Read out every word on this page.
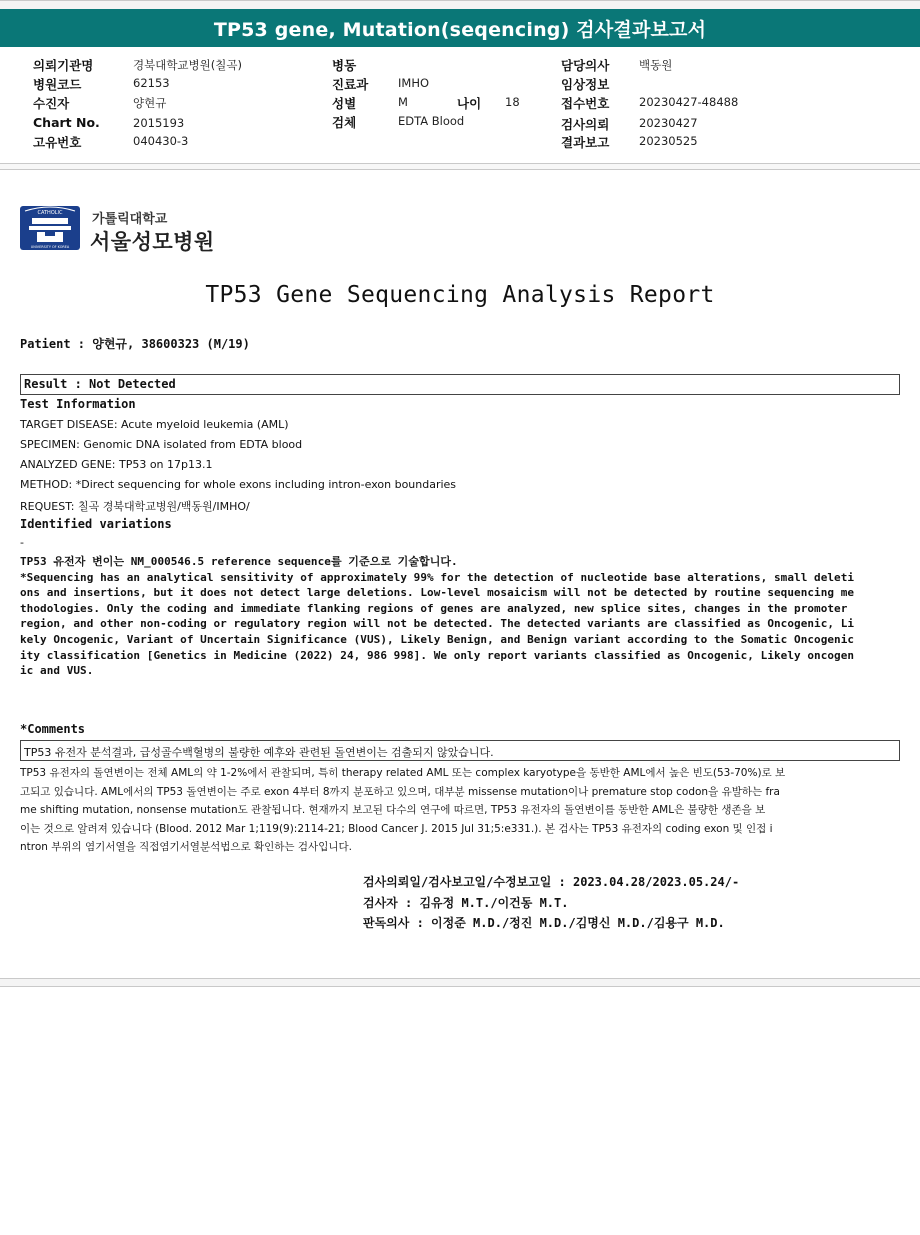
TP53 gene, Mutation(seqencing) 검사결과보고서
의뢰기관명	경북대학교병원(칠곡)
병원코드	62153
수진자	양현규
Chart No.	2015193
고유번호	040430-3
병동
진료과	IMHO
성별	M	나이 18
검체	EDTA Blood
담당의사	백동원
임상정보
접수번호	20230427-48488
검사의뢰	20230427
결과보고	20230525
CATHOLIC
UNIVERSITY OF KOREA
가톨릭대학교
서울성모병원
TP53 Gene Sequencing Analysis Report
Patient : 양현규, 38600323 (M/19)
Result : Not Detected
Test Information
TARGET DISEASE: Acute myeloid leukemia (AML)
SPECIMEN: Genomic DNA isolated from EDTA blood
ANALYZED GENE: TP53 on 17p13.1
METHOD: *Direct sequencing for whole exons including intron-exon boundaries
REQUEST: 칠곡 경북대학교병원/백동원/IMHO/
Identified variations
-
TP53 유전자 변이는 NM_000546.5 reference sequence를 기준으로 기술합니다.
*Sequencing has an analytical sensitivity of approximately 99% for the detection of nucleotide base alterations, small deleti
ons and insertions, but it does not detect large deletions. Low-level mosaicism will not be detected by routine sequencing me
thodologies. Only the coding and immediate flanking regions of genes are analyzed, new splice sites, changes in the promoter
region, and other non-coding or regulatory region will not be detected. The detected variants are classified as Oncogenic, Li
kely Oncogenic, Variant of Uncertain Significance (VUS), Likely Benign, and Benign variant according to the Somatic Oncogenic
ity classification [Genetics in Medicine (2022) 24, 986 998]. We only report variants classified as Oncogenic, Likely oncogen
ic and VUS.
*Comments
TP53 유전자 분석결과, 급성골수백혈병의 불량한 예후와 관련된 돌연변이는 검출되지 않았습니다.
TP53 유전자의 돌연변이는 전체 AML의 약 1-2%에서 관찰되며, 특히 therapy related AML 또는 complex karyotype을 동반한 AML에서 높은 빈도(53-70%)로 보
고되고 있습니다. AML에서의 TP53 돌연변이는 주로 exon 4부터 8까지 분포하고 있으며, 대부분 missense mutation이나 premature stop codon을 유발하는 fra
me shifting mutation, nonsense mutation도 관찰됩니다. 현재까지 보고된 다수의 연구에 따르면, TP53 유전자의 돌연변이를 동반한 AML은 불량한 생존을 보
이는 것으로 알려져 있습니다 (Blood. 2012 Mar 1;119(9):2114-21; Blood Cancer J. 2015 Jul 31;5:e331.). 본 검사는 TP53 유전자의 coding exon 및 인접 i
ntron 부위의 염기서열을 직접염기서열분석법으로 확인하는 검사입니다.
검사의뢰일/검사보고일/수정보고일 : 2023.04.28/2023.05.24/-
검사자 : 김유정 M.T./이건동 M.T.
판독의사 : 이정준 M.D./정진 M.D./김명신 M.D./김용구 M.D.
